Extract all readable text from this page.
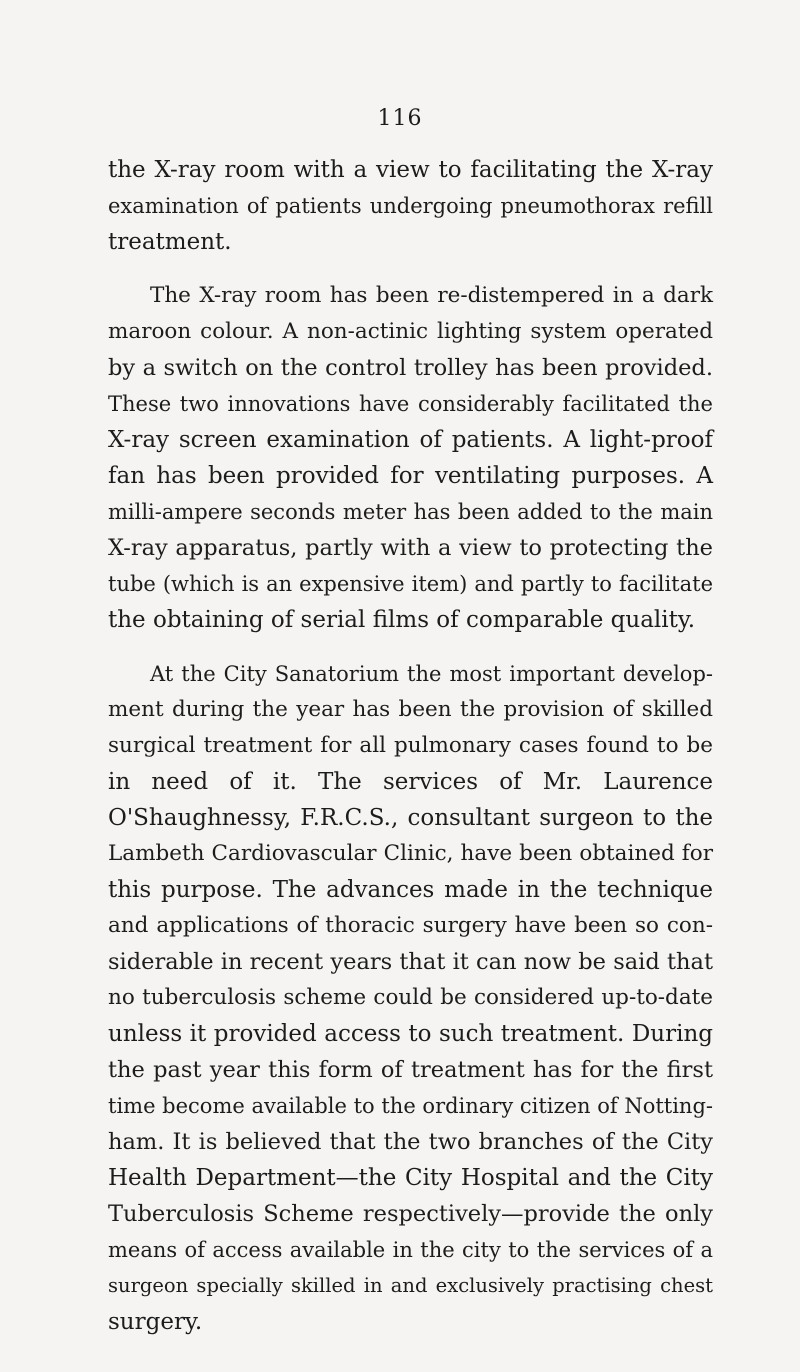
116

the X-ray room with a view to facilitating the X-ray
examination of patients undergoing pneumothorax refill
treatment.

The X-ray room has been re-distempered in a dark
maroon colour. A non-actinic lighting system operated
by a switch on the control trolley has been provided.
These two innovations have considerably facilitated the
X-ray screen examination of patients. A light-proof
fan has been provided for ventilating purposes. A
milli-ampere seconds meter has been added to the main
X-ray apparatus, partly with a view to protecting the
tube (which is an expensive item) and partly to facilitate
the obtaining of serial films of comparable quality.

At the City Sanatorium the most important develop-
ment during the year has been the provision of skilled
surgical treatment for all pulmonary cases found to be
in need of it. The services of Mr. Laurence
O'Shaughnessy, F.R.C.S., consultant surgeon to the
Lambeth Cardiovascular Clinic, have been obtained for
this purpose. The advances made in the technique
and applications of thoracic surgery have been so con-
siderable in recent years that it can now be said that
no tuberculosis scheme could be considered up-to-date
unless it provided access to such treatment. During
the past year this form of treatment has for the first
time become available to the ordinary citizen of Notting-
ham. It is believed that the two branches of the City
Health Department—the City Hospital and the City
Tuberculosis Scheme respectively—provide the only
means of access available in the city to the services of a
surgeon specially skilled in and exclusively practising chest
surgery.
